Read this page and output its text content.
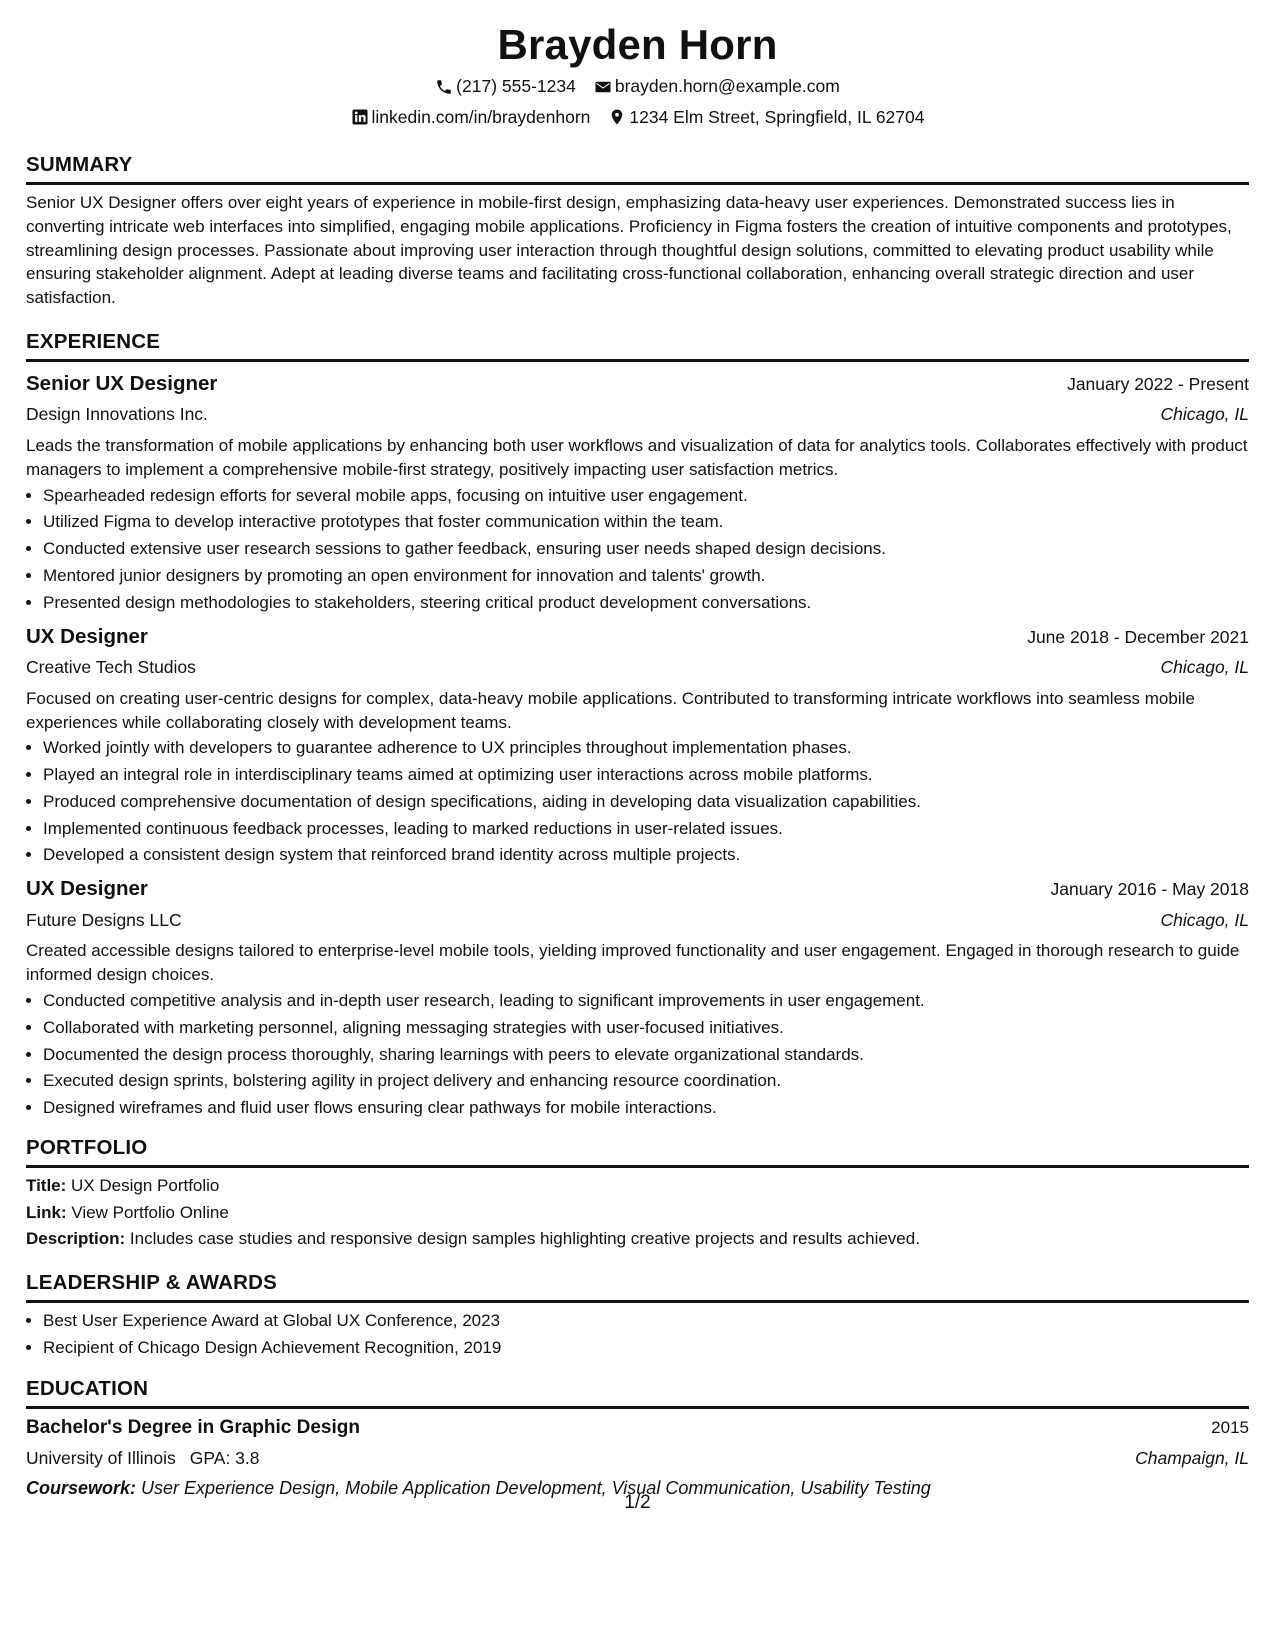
Brayden Horn
(217) 555-1234 brayden.horn@example.com
linkedin.com/in/braydenhorn 1234 Elm Street, Springfield, IL 62704
SUMMARY

Senior UX Designer offers over eight years of experience in mobile-first design, emphasizing data-heavy user experiences. Demonstrated success lies in converting intricate web interfaces into simplified, engaging mobile applications. Proficiency in Figma fosters the creation of intuitive components and prototypes, streamlining design processes. Passionate about improving user interaction through thoughtful design solutions, committed to elevating product usability while ensuring stakeholder alignment. Adept at leading diverse teams and facilitating cross-functional collaboration, enhancing overall strategic direction and user satisfaction.

EXPERIENCE
Senior UX Designer	January 2022 - Present
Design Innovations Inc.	Chicago, IL
Leads the transformation of mobile applications by enhancing both user workflows and visualization of data for analytics tools. Collaborates effectively with product managers to implement a comprehensive mobile-first strategy, positively impacting user satisfaction metrics.
• Spearheaded redesign efforts for several mobile apps, focusing on intuitive user engagement.
• Utilized Figma to develop interactive prototypes that foster communication within the team.
• Conducted extensive user research sessions to gather feedback, ensuring user needs shaped design decisions.
• Mentored junior designers by promoting an open environment for innovation and talents' growth.
• Presented design methodologies to stakeholders, steering critical product development conversations.
UX Designer	June 2018 - December 2021
Creative Tech Studios	Chicago, IL
Focused on creating user-centric designs for complex, data-heavy mobile applications. Contributed to transforming intricate workflows into seamless mobile experiences while collaborating closely with development teams.
• Worked jointly with developers to guarantee adherence to UX principles throughout implementation phases.
• Played an integral role in interdisciplinary teams aimed at optimizing user interactions across mobile platforms.
• Produced comprehensive documentation of design specifications, aiding in developing data visualization capabilities.
• Implemented continuous feedback processes, leading to marked reductions in user-related issues.
• Developed a consistent design system that reinforced brand identity across multiple projects.
UX Designer	January 2016 - May 2018
Future Designs LLC	Chicago, IL
Created accessible designs tailored to enterprise-level mobile tools, yielding improved functionality and user engagement. Engaged in thorough research to guide informed design choices.
• Conducted competitive analysis and in-depth user research, leading to significant improvements in user engagement.
• Collaborated with marketing personnel, aligning messaging strategies with user-focused initiatives.
• Documented the design process thoroughly, sharing learnings with peers to elevate organizational standards.
• Executed design sprints, bolstering agility in project delivery and enhancing resource coordination.
• Designed wireframes and fluid user flows ensuring clear pathways for mobile interactions.
PORTFOLIO
Title: UX Design Portfolio
Link: View Portfolio Online
Description: Includes case studies and responsive design samples highlighting creative projects and results achieved.
LEADERSHIP & AWARDS
• Best User Experience Award at Global UX Conference, 2023
• Recipient of Chicago Design Achievement Recognition, 2019
EDUCATION
Bachelor's Degree in Graphic Design	2015
University of Illinois GPA: 3.8	Champaign, IL
Coursework: User Experience Design, Mobile Application Development, Visual Communication, Usability Testing
1/2
